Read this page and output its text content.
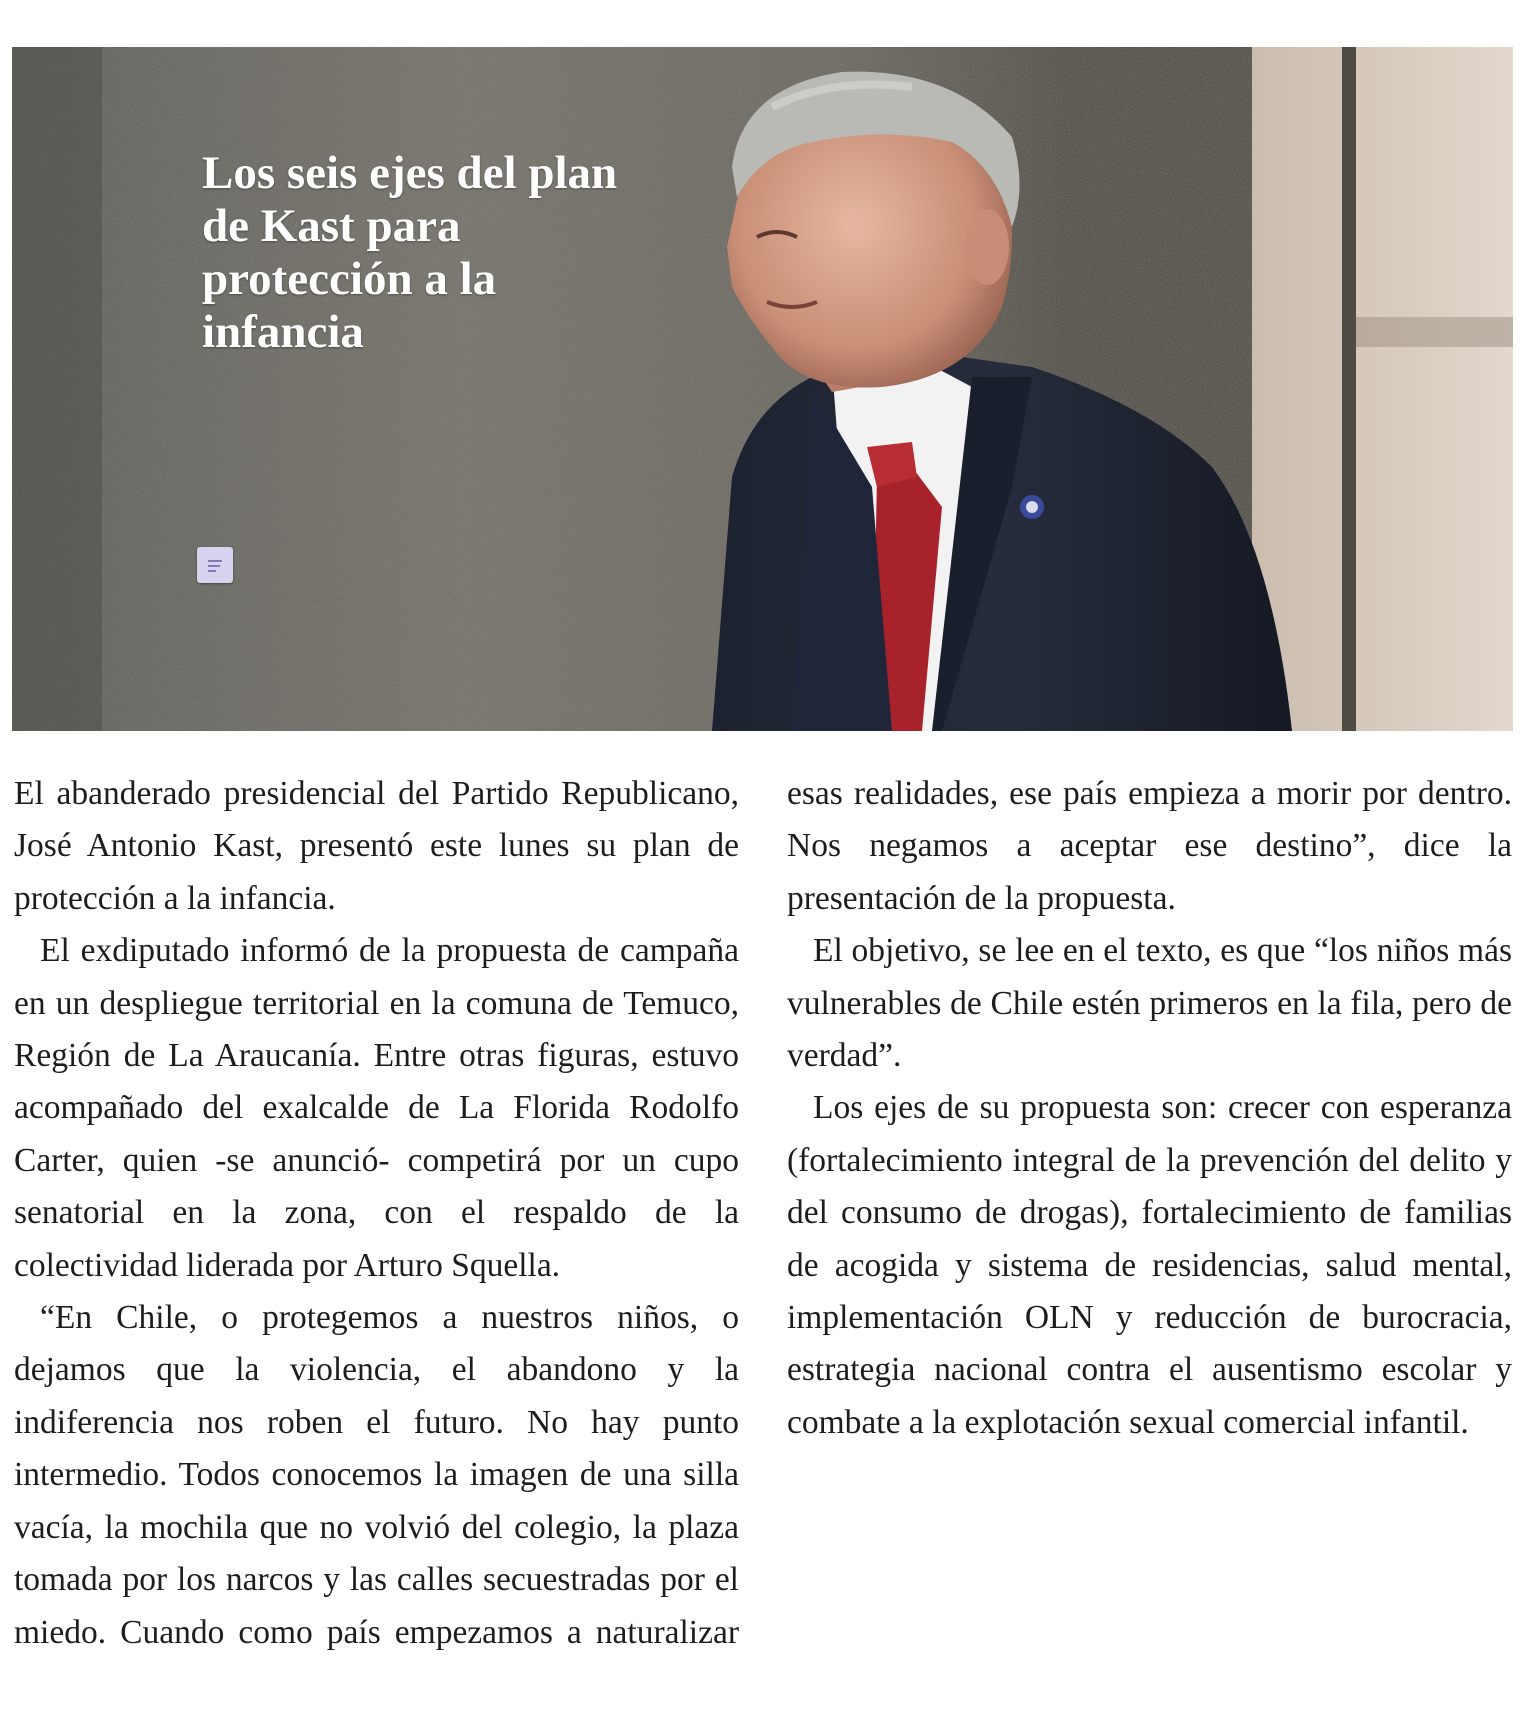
Los seis ejes del plan de Kast para protección a la infancia

El abanderado presidencial del Partido Republicano, José Antonio Kast, presentó este lunes su plan de protección a la infancia.

El exdiputado informó de la propuesta de campaña en un despliegue territorial en la comuna de Temuco, Región de La Araucanía. Entre otras figuras, estuvo acompañado del exalcalde de La Florida Rodolfo Carter, quien -se anunció- competirá por un cupo senatorial en la zona, con el respaldo de la colectividad liderada por Arturo Squella.

“En Chile, o protegemos a nuestros niños, o dejamos que la violencia, el abandono y la indiferencia nos roben el futuro. No hay punto intermedio. Todos conocemos la imagen de una silla vacía, la mochila que no volvió del colegio, la plaza tomada por los narcos y las calles secuestradas por el miedo. Cuando como país empezamos a naturalizar esas realidades, ese país empieza a morir por dentro. Nos negamos a aceptar ese destino”, dice la presentación de la propuesta.

El objetivo, se lee en el texto, es que “los niños más vulnerables de Chile estén primeros en la fila, pero de verdad”.

Los ejes de su propuesta son: crecer con esperanza (fortalecimiento integral de la prevención del delito y del consumo de drogas), fortalecimiento de familias de acogida y sistema de residencias, salud mental, implementación OLN y reducción de burocracia, estrategia nacional contra el ausentismo escolar y combate a la explotación sexual comercial infantil.
